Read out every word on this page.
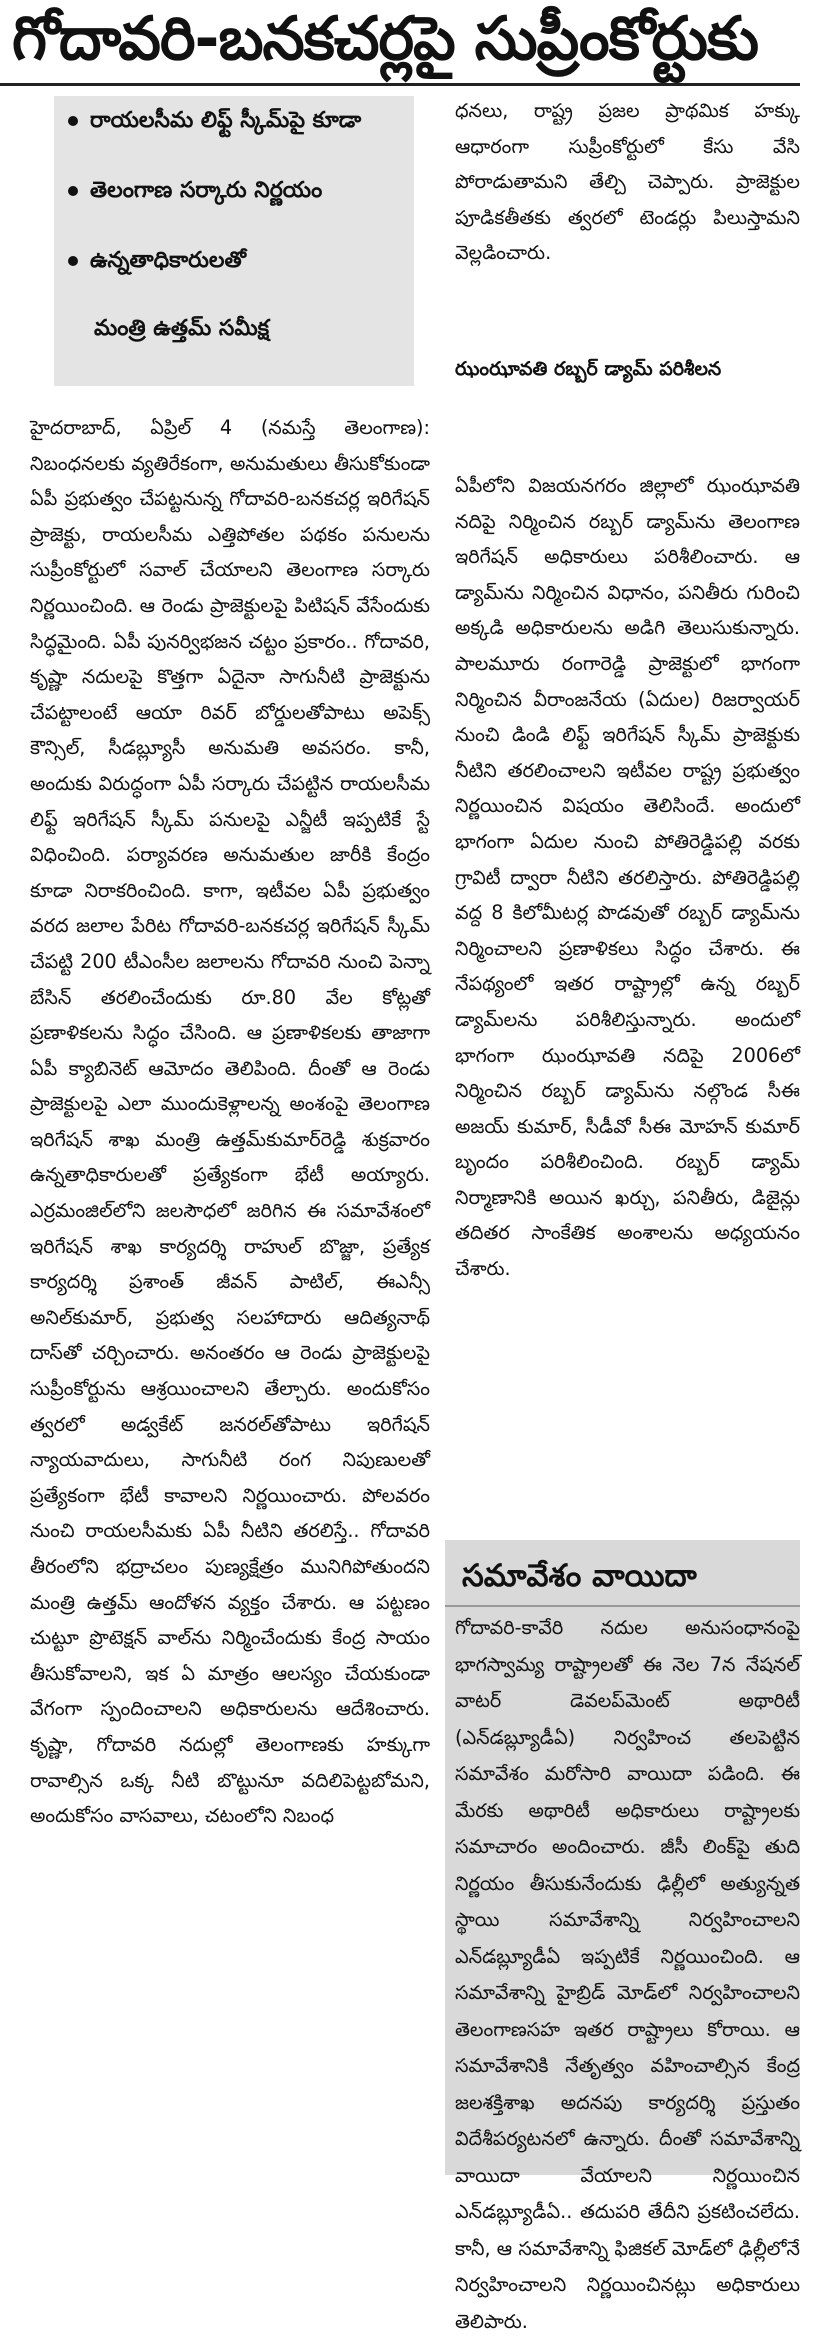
గోదావరి-బనకచర్లపై సుప్రీంకోర్టుకు
రాయలసీమ లిఫ్ట్ స్కీమ్‌పై కూడా
తెలంగాణ సర్కారు నిర్ణయం
ఉన్నతాధికారులతో
మంత్రి ఉత్తమ్ సమీక్ష

హైదరాబాద్, ఏప్రిల్ 4 (నమస్తే తెలంగాణ): నిబంధనలకు వ్యతిరేకంగా, అనుమతులు తీసుకోకుండా ఏపీ ప్రభుత్వం చేపట్టనున్న గోదావరి-బనకచర్ల ఇరిగేషన్ ప్రాజెక్టు, రాయలసీమ ఎత్తిపోతల పథకం పనులను సుప్రీంకోర్టులో సవాల్ చేయాలని తెలంగాణ సర్కారు నిర్ణయించింది. ఆ రెండు ప్రాజెక్టులపై పిటిషన్ వేసేందుకు సిద్ధమైంది. ఏపీ పునర్విభజన చట్టం ప్రకారం.. గోదావరి, కృష్ణా నదులపై కొత్తగా ఏదైనా సాగునీటి ప్రాజెక్టును చేపట్టాలంటే ఆయా రివర్ బోర్డులతోపాటు అపెక్స్ కౌన్సిల్, సీడబ్ల్యూసీ అనుమతి అవసరం. కానీ, అందుకు విరుద్ధంగా ఏపీ సర్కారు చేపట్టిన రాయలసీమ లిఫ్ట్ ఇరిగేషన్ స్కీమ్ పనులపై ఎన్జీటీ ఇప్పటికే స్టే విధించింది. పర్యావరణ అనుమతుల జారీకి కేంద్రం కూడా నిరాకరించింది. కాగా, ఇటీవల ఏపీ ప్రభుత్వం వరద జలాల పేరిట గోదావరి-బనకచర్ల ఇరిగేషన్ స్కీమ్ చేపట్టి 200 టీఎంసీల జలాలను గోదావరి నుంచి పెన్నా బేసిన్ తరలించేందుకు రూ.80 వేల కోట్లతో ప్రణాళికలను సిద్ధం చేసింది. ఆ ప్రణాళికలకు తాజాగా ఏపీ క్యాబినెట్ ఆమోదం తెలిపింది. దీంతో ఆ రెండు ప్రాజెక్టులపై ఎలా ముందుకెళ్లాలన్న అంశంపై తెలంగాణ ఇరిగేషన్ శాఖ మంత్రి ఉత్తమ్‌కుమార్‌రెడ్డి శుక్రవారం ఉన్నతాధికారులతో ప్రత్యేకంగా భేటీ అయ్యారు. ఎర్రమంజిల్‌లోని జలసౌధలో జరిగిన ఈ సమావేశంలో ఇరిగేషన్ శాఖ కార్యదర్శి రాహుల్ బొజ్జా, ప్రత్యేక కార్యదర్శి ప్రశాంత్ జీవన్ పాటిల్, ఈఎన్సీ అనిల్‌కుమార్, ప్రభుత్వ సలహాదారు ఆదిత్యనాథ్ దాస్‌తో చర్చించారు. అనంతరం ఆ రెండు ప్రాజెక్టులపై సుప్రీంకోర్టును ఆశ్రయించాలని తేల్చారు. అందుకోసం త్వరలో అడ్వకేట్ జనరల్‌తోపాటు ఇరిగేషన్ న్యాయవాదులు, సాగునీటి రంగ నిపుణులతో ప్రత్యేకంగా భేటీ కావాలని నిర్ణయించారు. పోలవరం నుంచి రాయలసీమకు ఏపీ నీటిని తరలిస్తే.. గోదావరి తీరంలోని భద్రాచలం పుణ్యక్షేత్రం మునిగిపోతుందని మంత్రి ఉత్తమ్ ఆందోళన వ్యక్తం చేశారు. ఆ పట్టణం చుట్టూ ప్రొటెక్షన్ వాల్‌ను నిర్మించేందుకు కేంద్ర సాయం తీసుకోవాలని, ఇక ఏ మాత్రం ఆలస్యం చేయకుండా వేగంగా స్పందించాలని అధికారులను ఆదేశించారు. కృష్ణా, గోదావరి నదుల్లో తెలంగాణకు హక్కుగా రావాల్సిన ఒక్క నీటి బొట్టునూ వదిలిపెట్టబోమని, అందుకోసం వాసవాలు, చటంలోని నిబంధ

ధనలు, రాష్ట్ర ప్రజల ప్రాథమిక హక్కు ఆధారంగా సుప్రీంకోర్టులో కేసు వేసి పోరాడుతామని తేల్చి చెప్పారు. ప్రాజెక్టుల పూడికతీతకు త్వరలో టెండర్లు పిలుస్తామని వెల్లడించారు.

ఏపీలోని విజయనగరం జిల్లాలో ఝంఝావతి నదిపై నిర్మించిన రబ్బర్ డ్యామ్‌ను తెలంగాణ ఇరిగేషన్ అధికారులు పరిశీలించారు. ఆ డ్యామ్‌ను నిర్మించిన విధానం, పనితీరు గురించి అక్కడి అధికారులను అడిగి తెలుసుకున్నారు. పాలమూరు రంగారెడ్డి ప్రాజెక్టులో భాగంగా నిర్మించిన వీరాంజనేయ (ఏదుల) రిజర్వాయర్ నుంచి డిండి లిఫ్ట్ ఇరిగేషన్ స్కీమ్ ప్రాజెక్టుకు నీటిని తరలించాలని ఇటీవల రాష్ట్ర ప్రభుత్వం నిర్ణయించిన విషయం తెలిసిందే. అందులో భాగంగా ఏదుల నుంచి పోతిరెడ్డిపల్లి వరకు గ్రావిటీ ద్వారా నీటిని తరలిస్తారు. పోతిరెడ్డిపల్లి వద్ద 8 కిలోమీటర్ల పొడవుతో రబ్బర్ డ్యామ్‌ను నిర్మించాలని ప్రణాళికలు సిద్ధం చేశారు. ఈ నేపథ్యంలో ఇతర రాష్ట్రాల్లో ఉన్న రబ్బర్ డ్యామ్‌లను పరిశీలిస్తున్నారు. అందులో భాగంగా ఝంఝావతి నదిపై 2006లో నిర్మించిన రబ్బర్ డ్యామ్‌ను నల్గొండ సీఈ అజయ్ కుమార్, సీడీవో సీఈ మోహన్ కుమార్ బృందం పరిశీలించింది. రబ్బర్ డ్యామ్ నిర్మాణానికి అయిన ఖర్చు, పనితీరు, డిజైన్లు తదితర సాంకేతిక అంశాలను అధ్యయనం చేశారు.

ఝంఝావతి రబ్బర్ డ్యామ్ పరిశీలన
సమావేశం వాయిదా
గోదావరి-కావేరి నదుల అనుసంధానంపై భాగస్వామ్య రాష్ట్రాలతో ఈ నెల 7న నేషనల్ వాటర్ డెవలప్‌మెంట్ అథారిటీ (ఎన్‌డబ్ల్యూడీఏ) నిర్వహించ తలపెట్టిన సమావేశం మరోసారి వాయిదా పడింది. ఈ మేరకు అథారిటీ అధికారులు రాష్ట్రాలకు సమాచారం అందించారు. జీసీ లింక్‌పై తుది నిర్ణయం తీసుకునేందుకు ఢిల్లీలో అత్యున్నత స్థాయి సమావేశాన్ని నిర్వహించాలని ఎన్‌డబ్ల్యూడీఏ ఇప్పటికే నిర్ణయించింది. ఆ సమావేశాన్ని హైబ్రిడ్ మోడ్‌లో నిర్వహించాలని తెలంగాణసహ ఇతర రాష్ట్రాలు కోరాయి. ఆ సమావేశానికి నేతృత్వం వహించాల్సిన కేంద్ర జలశక్తిశాఖ అదనపు కార్యదర్శి ప్రస్తుతం విదేశీపర్యటనలో ఉన్నారు. దీంతో సమావేశాన్ని వాయిదా వేయాలని నిర్ణయించిన ఎన్‌డబ్ల్యూడీఏ.. తదుపరి తేదీని ప్రకటించలేదు. కానీ, ఆ సమావేశాన్ని ఫిజికల్ మోడ్‌లో ఢిల్లీలోనే నిర్వహించాలని నిర్ణయించినట్లు అధికారులు తెలిపారు.
